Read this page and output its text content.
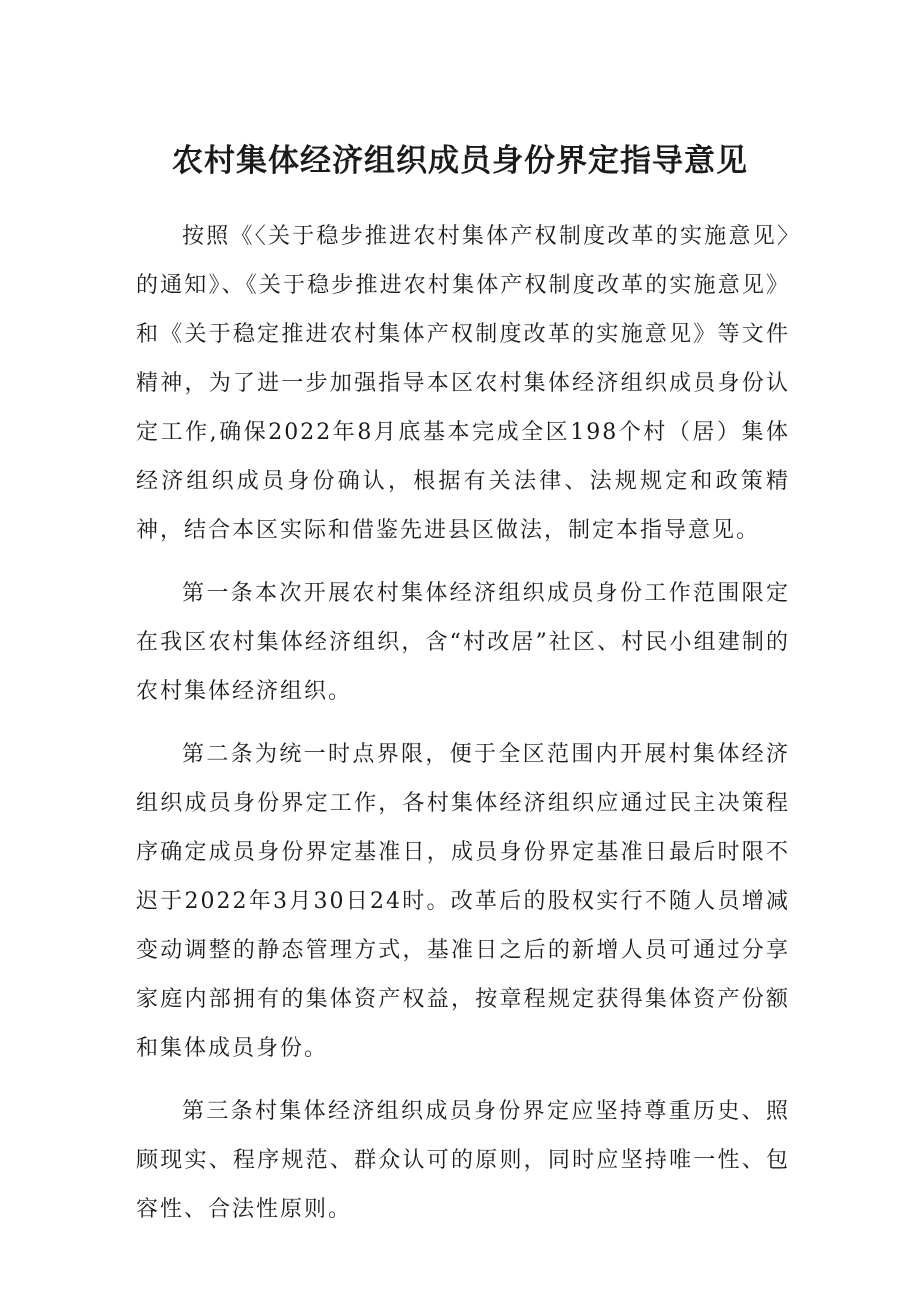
农村集体经济组织成员身份界定指导意见

按照《〈关于稳步推进农村集体产权制度改革的实施意见〉的通知》、《关于稳步推进农村集体产权制度改革的实施意见》和《关于稳定推进农村集体产权制度改革的实施意见》等文件精神，为了进一步加强指导本区农村集体经济组织成员身份认定工作,确保2022年8月底基本完成全区198个村（居）集体经济组织成员身份确认，根据有关法律、法规规定和政策精神，结合本区实际和借鉴先进县区做法，制定本指导意见。

第一条本次开展农村集体经济组织成员身份工作范围限定在我区农村集体经济组织，含“村改居”社区、村民小组建制的农村集体经济组织。

第二条为统一时点界限，便于全区范围内开展村集体经济组织成员身份界定工作，各村集体经济组织应通过民主决策程序确定成员身份界定基准日，成员身份界定基准日最后时限不迟于2022年3月30日24时。改革后的股权实行不随人员增减变动调整的静态管理方式，基准日之后的新增人员可通过分享家庭内部拥有的集体资产权益，按章程规定获得集体资产份额和集体成员身份。

第三条村集体经济组织成员身份界定应坚持尊重历史、照顾现实、程序规范、群众认可的原则，同时应坚持唯一性、包容性、合法性原则。
